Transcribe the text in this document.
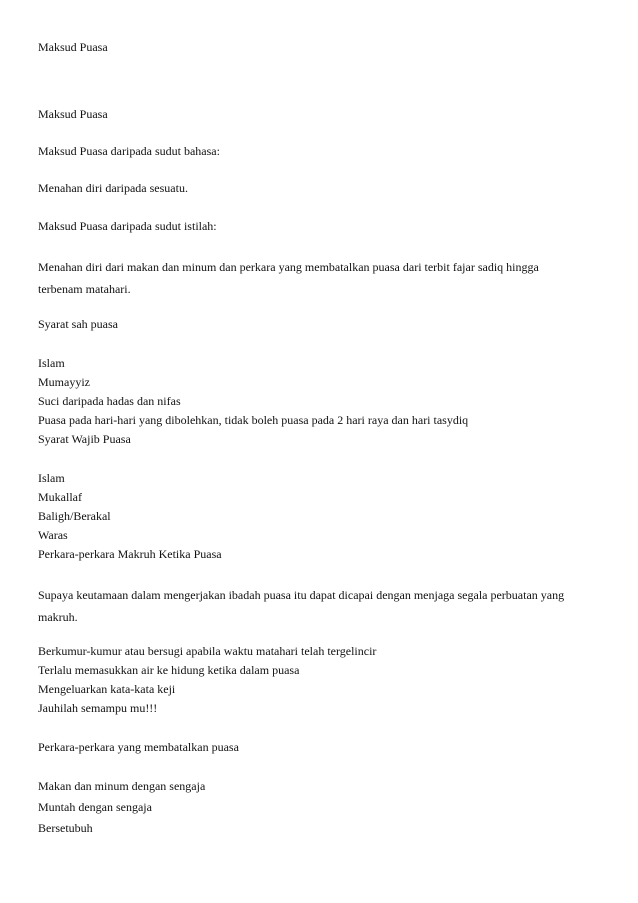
Maksud Puasa
Maksud Puasa
Maksud Puasa daripada sudut bahasa:
Menahan diri daripada sesuatu.
Maksud Puasa daripada sudut istilah:
Menahan diri dari makan dan minum dan perkara yang membatalkan puasa dari terbit fajar sadiq hingga terbenam matahari.
Syarat sah puasa
Islam
Mumayyiz
Suci daripada hadas dan nifas
Puasa pada hari-hari yang dibolehkan, tidak boleh puasa pada 2 hari raya dan hari tasydiq
Syarat Wajib Puasa
Islam
Mukallaf
Baligh/Berakal
Waras
Perkara-perkara Makruh Ketika Puasa
Supaya keutamaan dalam mengerjakan ibadah puasa itu dapat dicapai dengan menjaga segala perbuatan yang makruh.
Berkumur-kumur atau bersugi apabila waktu matahari telah tergelincir
Terlalu memasukkan air ke hidung ketika dalam puasa
Mengeluarkan kata-kata keji
Jauhilah semampu mu!!!
Perkara-perkara yang membatalkan puasa
Makan dan minum dengan sengaja
Muntah dengan sengaja
Bersetubuh
